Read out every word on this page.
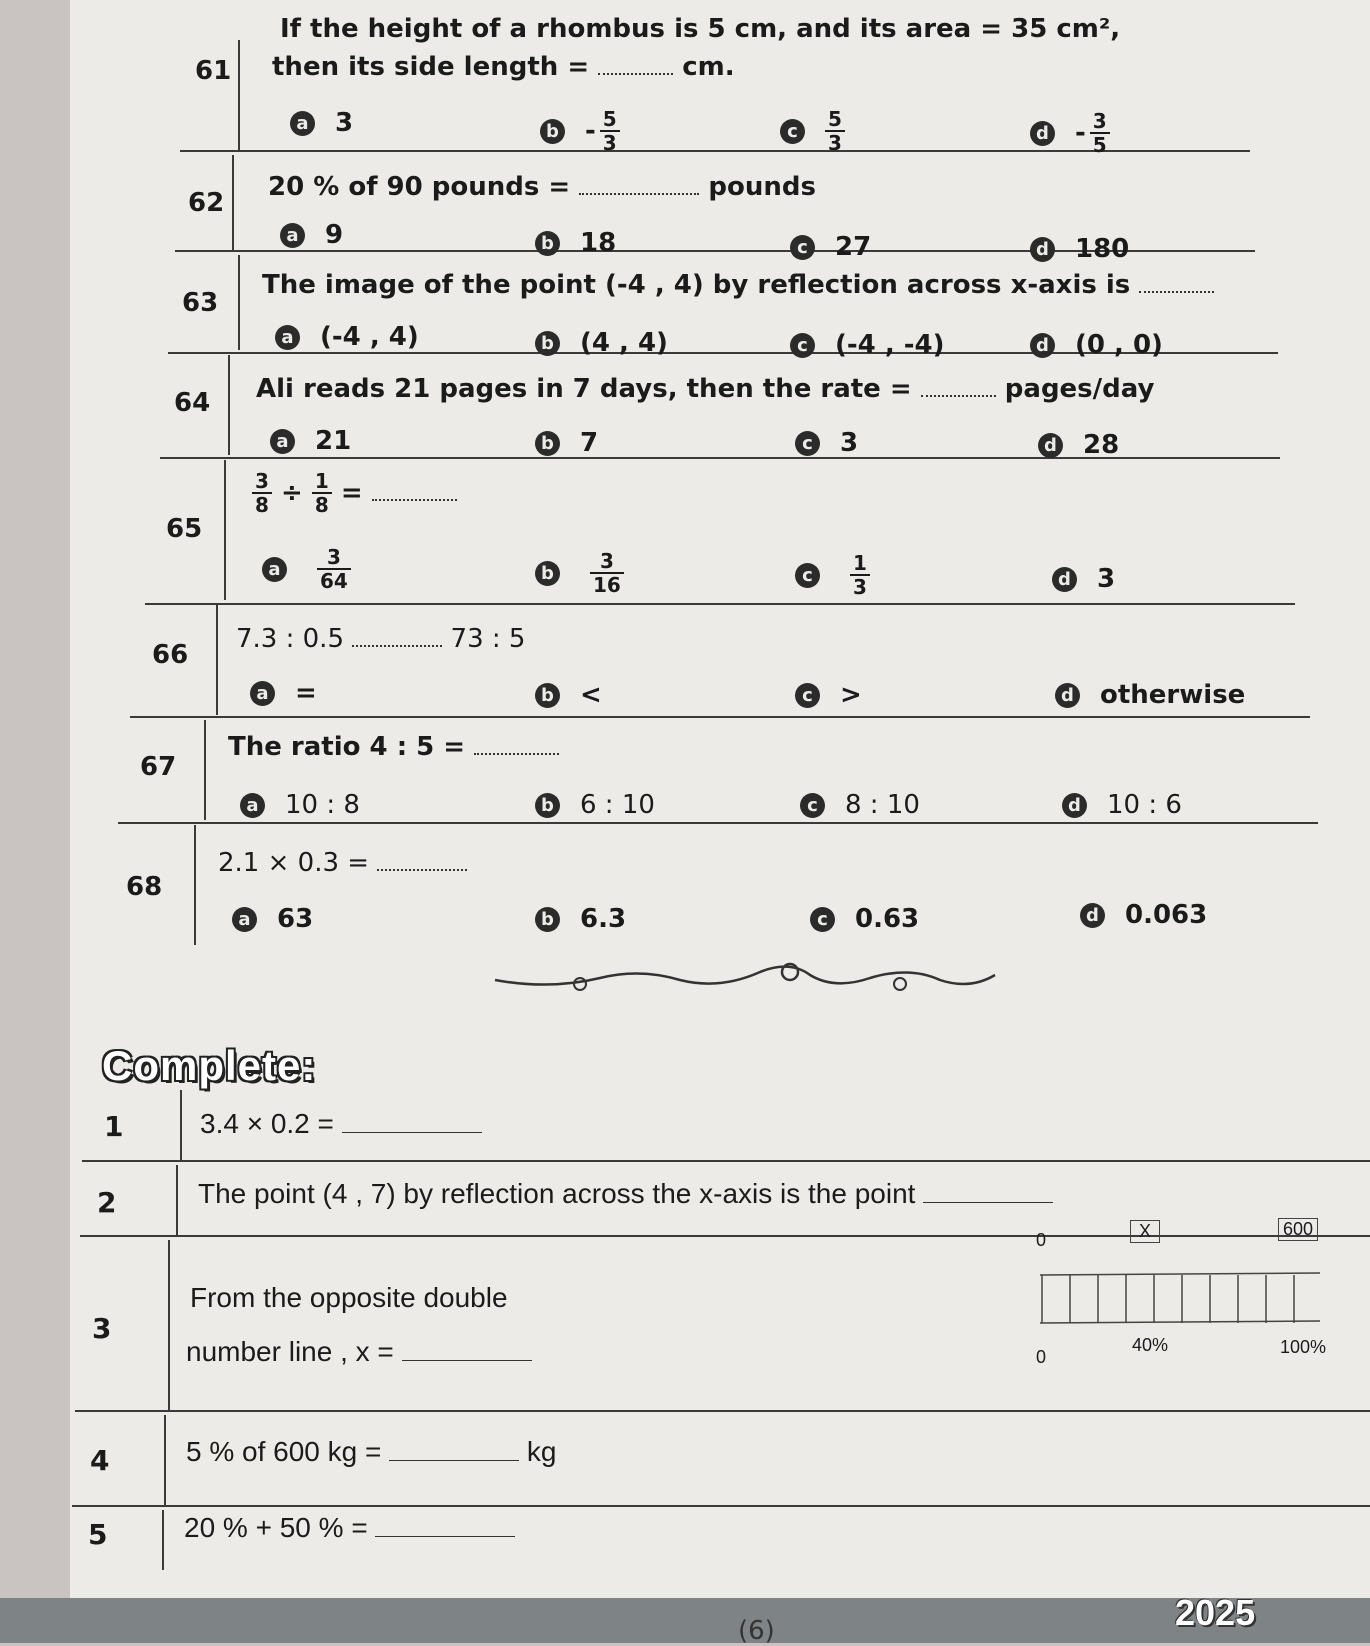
61
If the height of a rhombus is 5 cm, and its area = 35 cm²,
then its side length =	cm.
a 3	b - $\frac{5}{3}$	c $\frac{5}{3}$	d - $\frac{3}{5}$
62
20 % of 90 pounds =	pounds
a 9	b 18	c 27	d 180
63
The image of the point (-4 , 4) by reflection across x-axis is
a (-4 , 4)	b (4 , 4)	c (-4 , -4)	d (0 , 0)
64 Ali reads 21 pages in 7 days, then the rate =	pages/day
a 21	b 7	c 3	d 28
65
$\frac{3}{8} \div \frac{1}{8}$ =
a $\frac{3}{64}$	b $\frac{3}{16}$	c $\frac{1}{3}$	d 3
66
7.3 : 0.5	73 : 5
a =	b <	c >	d otherwise
67
The ratio 4 : 5 =
a 10 : 8	b 6 : 10	c 8 : 10	d 10 : 6
68
2.1 × 0.3 =
a 63	b 6.3	c 0.63	d 0.063
Complete:
1	3.4 × 0.2 =
2	The point (4 , 7) by reflection across the x-axis is the point
3
From the opposite double
number line , x =
0	X	600
0
40%	100%
4	5 % of 600 kg =	kg
5	20 % + 50 % =
(6)	2025
